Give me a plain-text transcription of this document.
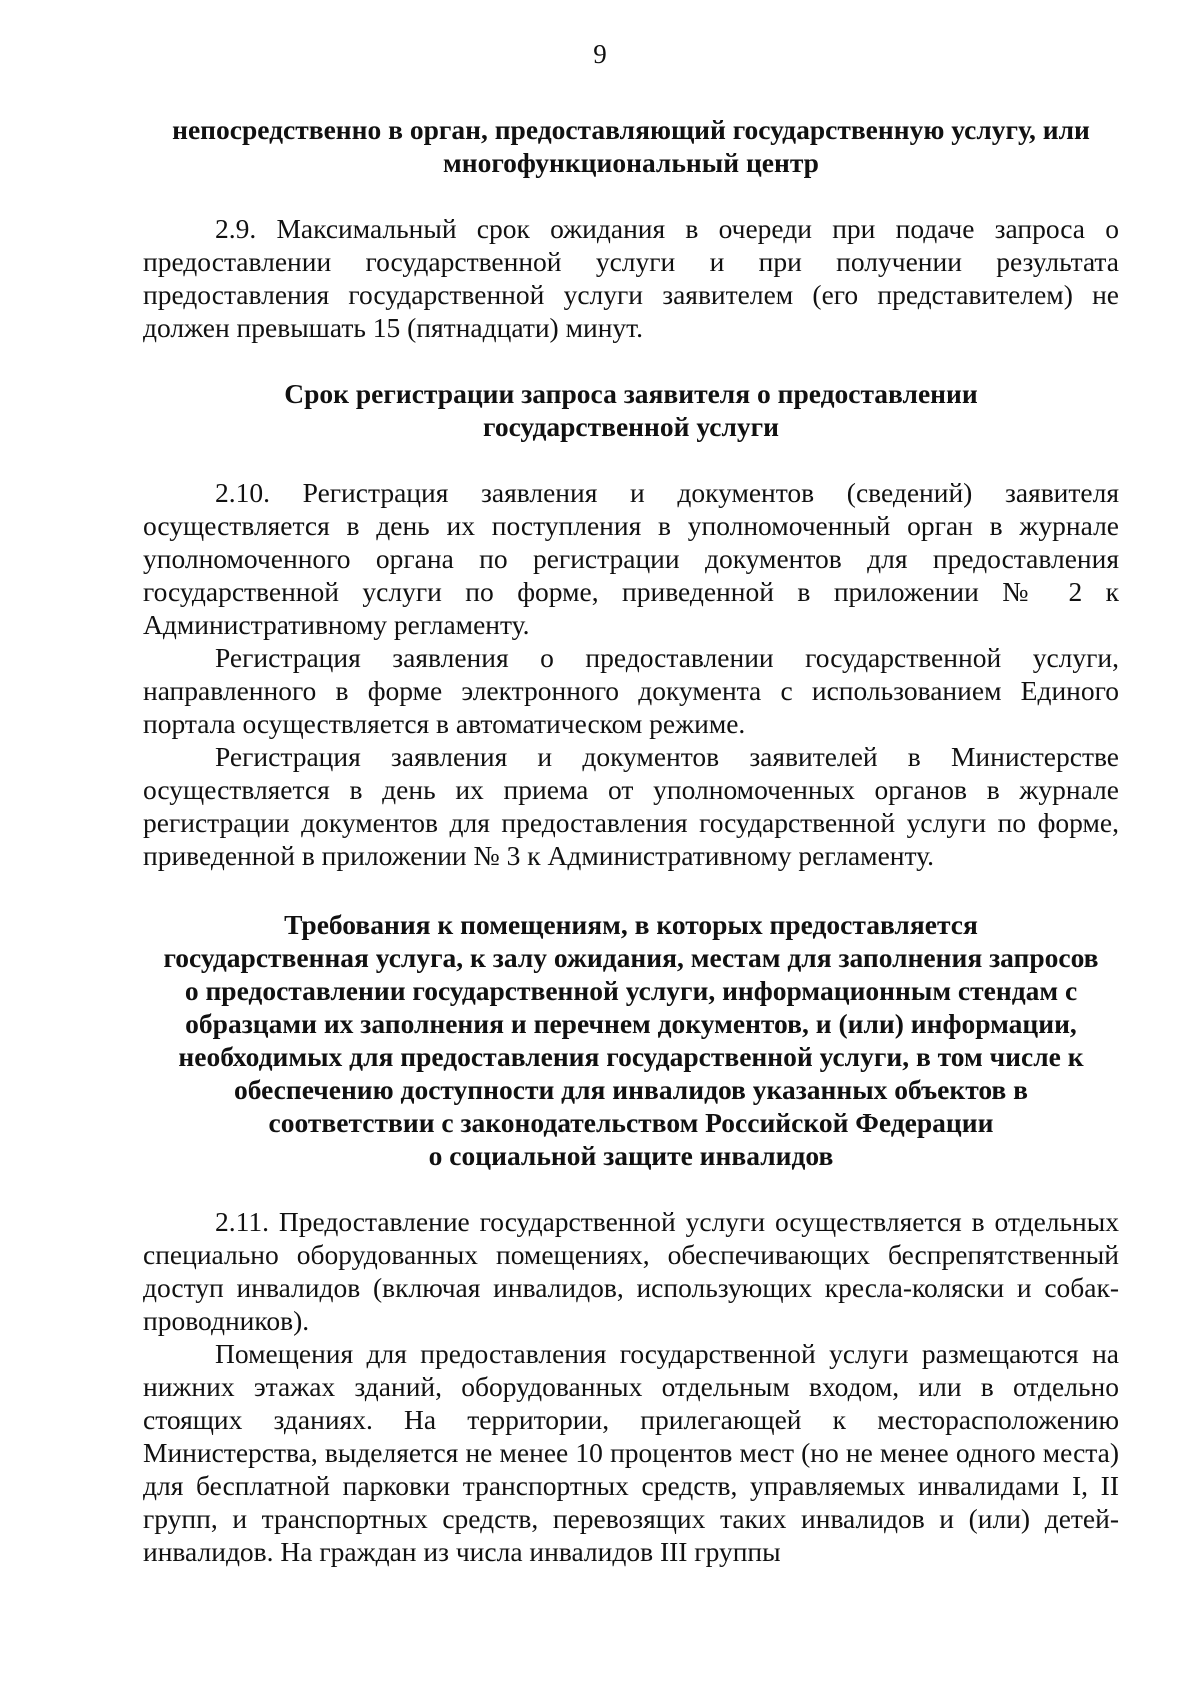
9
непосредственно в орган, предоставляющий государственную услугу, или
многофункциональный центр

2.9. Максимальный срок ожидания в очереди при подаче запроса о предоставлении государственной услуги и при получении результата предоставления государственной услуги заявителем (его представителем) не должен превышать 15 (пятнадцати) минут.

Срок регистрации запроса заявителя о предоставлении
государственной услуги

2.10. Регистрация заявления и документов (сведений) заявителя осуществляется в день их поступления в уполномоченный орган в журнале уполномоченного органа по регистрации документов для предоставления государственной услуги по форме, приведенной в приложении № 2 к Административному регламенту.

Регистрация заявления о предоставлении государственной услуги, направленного в форме электронного документа с использованием Единого портала осуществляется в автоматическом режиме.

Регистрация заявления и документов заявителей в Министерстве осуществляется в день их приема от уполномоченных органов в журнале регистрации документов для предоставления государственной услуги по форме, приведенной в приложении № 3 к Административному регламенту.

Требования к помещениям, в которых предоставляется
государственная услуга, к залу ожидания, местам для заполнения запросов
о предоставлении государственной услуги, информационным стендам с
образцами их заполнения и перечнем документов, и (или) информации,
необходимых для предоставления государственной услуги, в том числе к
обеспечению доступности для инвалидов указанных объектов в
соответствии с законодательством Российской Федерации
о социальной защите инвалидов

2.11. Предоставление государственной услуги осуществляется в отдельных специально оборудованных помещениях, обеспечивающих беспрепятственный доступ инвалидов (включая инвалидов, использующих кресла-коляски и собак-проводников).

Помещения для предоставления государственной услуги размещаются на нижних этажах зданий, оборудованных отдельным входом, или в отдельно стоящих зданиях. На территории, прилегающей к месторасположению Министерства, выделяется не менее 10 процентов мест (но не менее одного места) для бесплатной парковки транспортных средств, управляемых инвалидами I, II групп, и транспортных средств, перевозящих таких инвалидов и (или) детей-инвалидов. На граждан из числа инвалидов III группы
